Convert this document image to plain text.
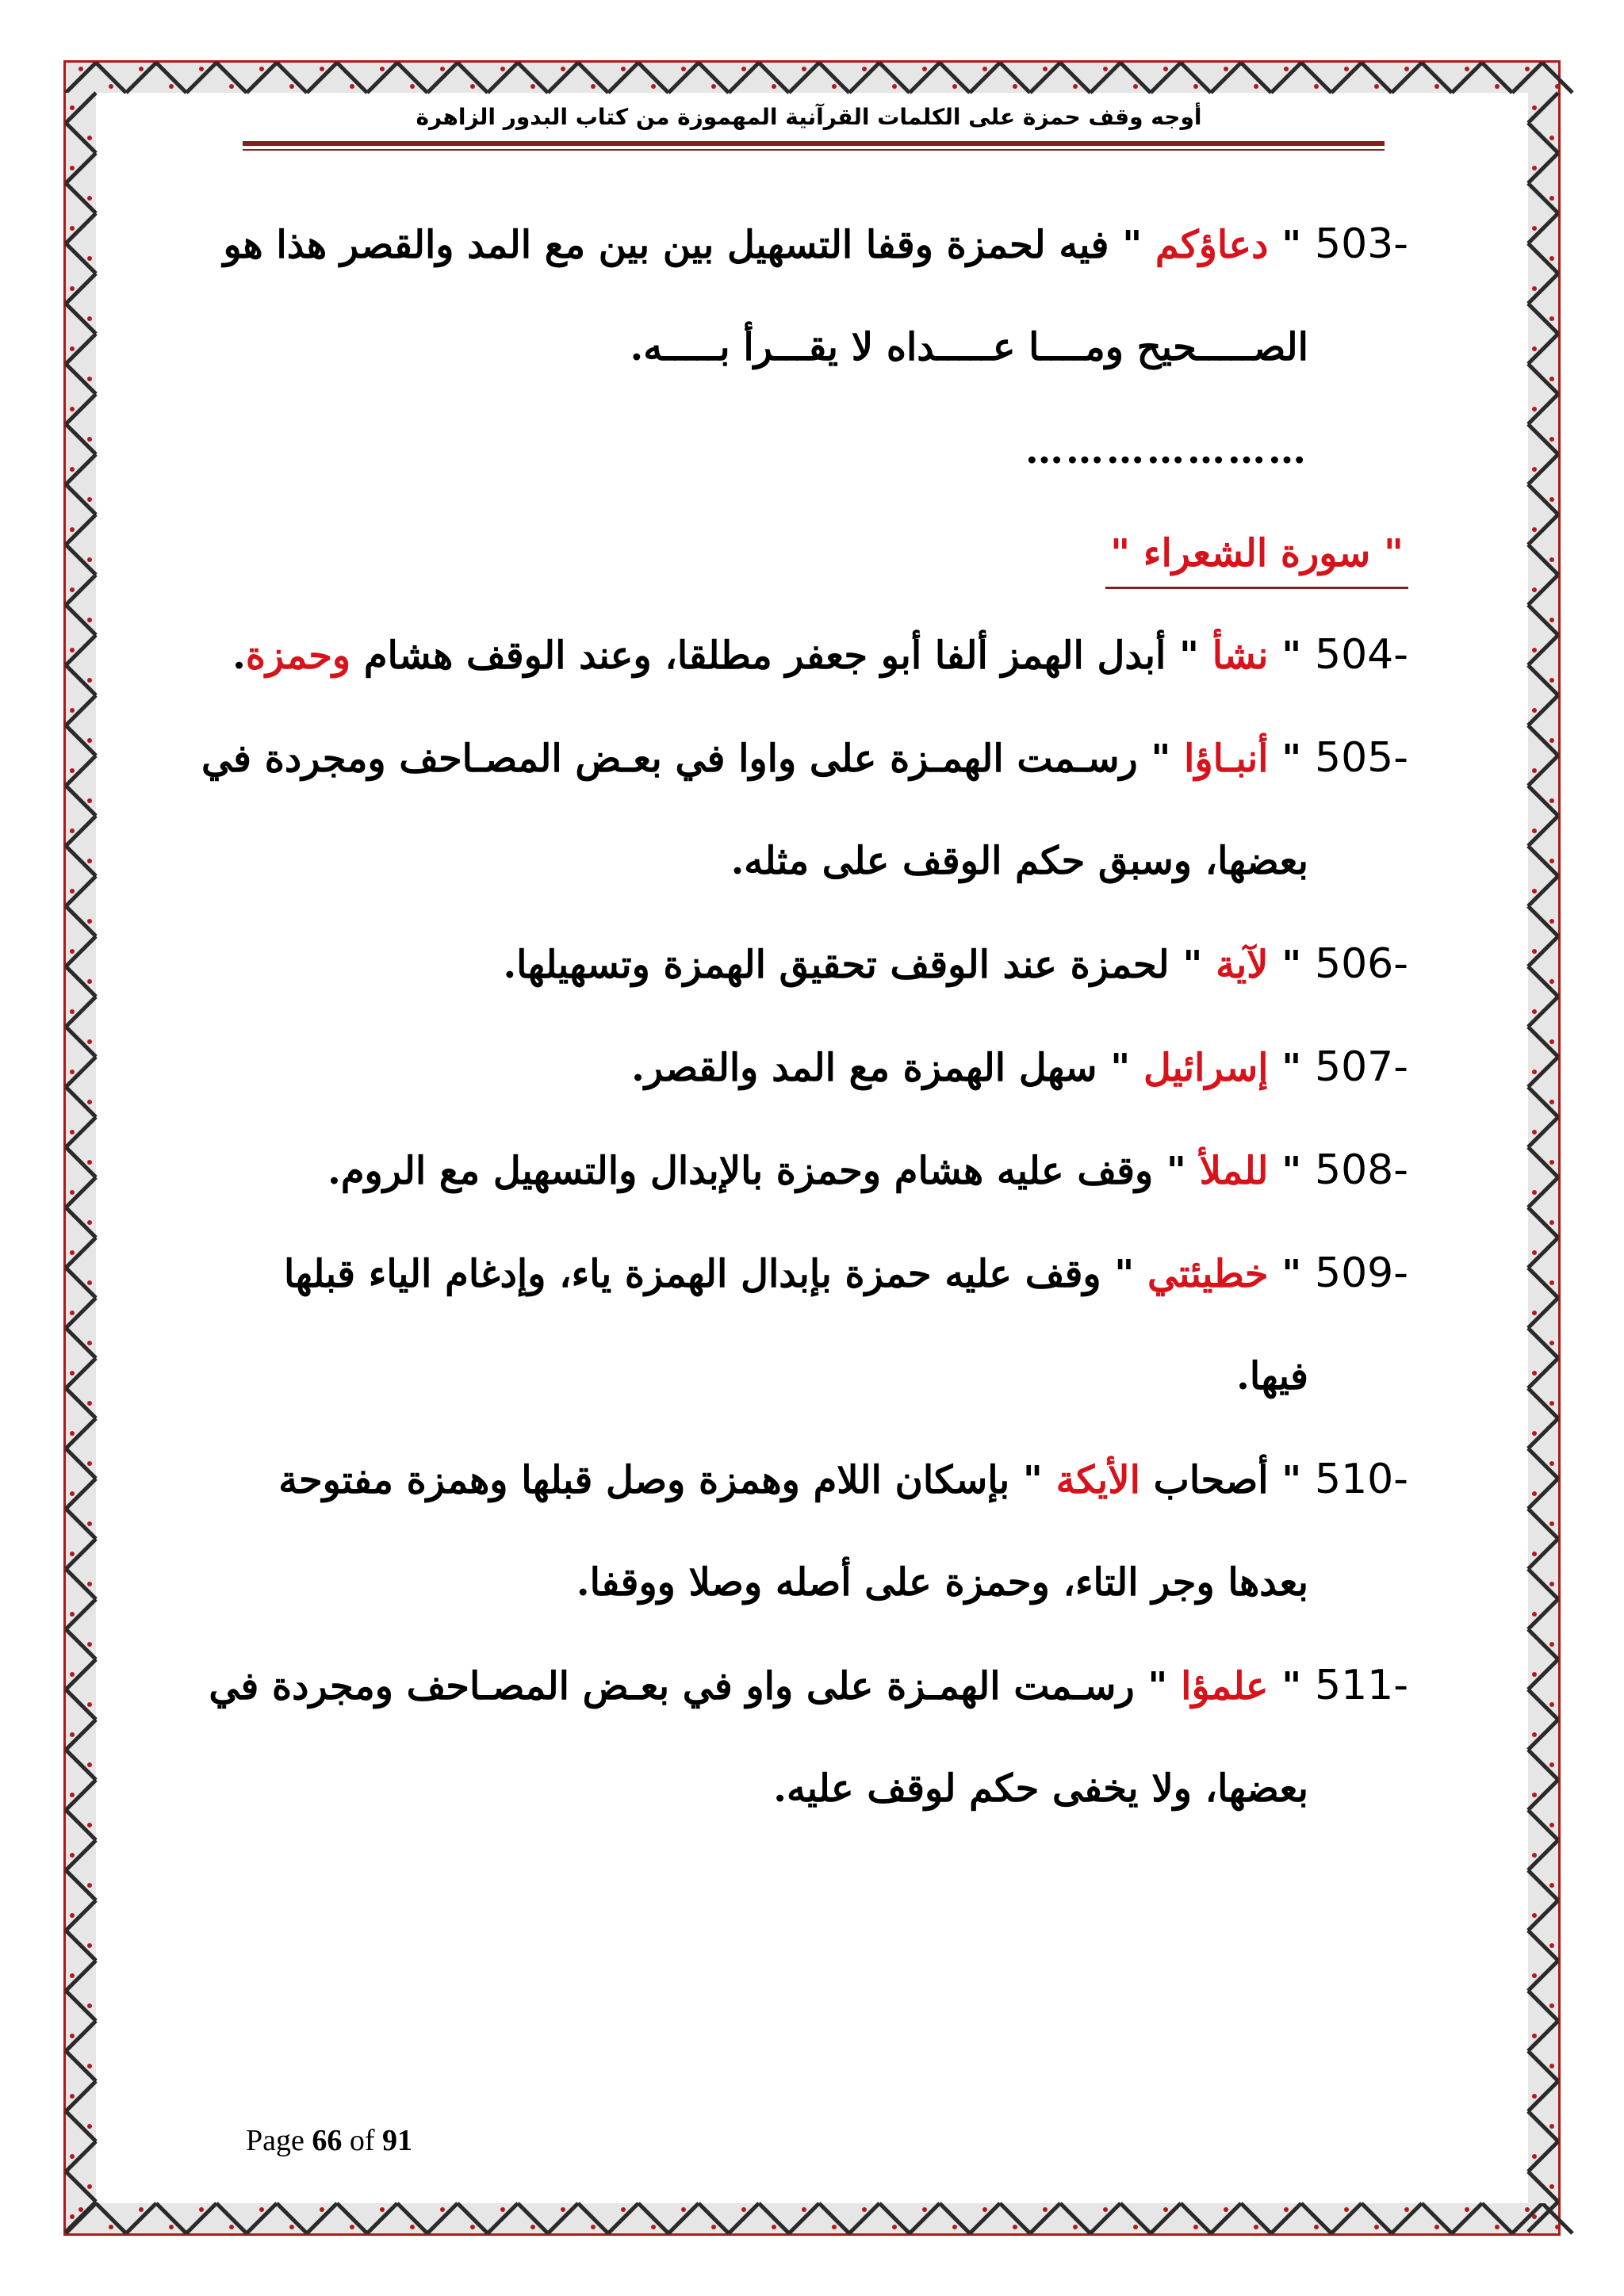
أوجه وقف حمزة على الكلمات القرآنية المهموزة من كتاب البدور الزاهرة
503- " دعاؤكم " فيه لحمزة وقفا التسهيل بين بين مع المد والقصر هذا هو
الصـــــحيح ومــــا عـــــداه لا يقـــرأ بـــــه.
…………………
" سورة الشعراء "
504- " نشأ " أبدل الهمز ألفا أبو جعفر مطلقا، وعند الوقف هشام وحمزة.
505- " أنبـاؤا " رسـمت الهمـزة على واوا في بعـض المصـاحف ومجردة في
بعضها، وسبق حكم الوقف على مثله.
506- " لآية " لحمزة عند الوقف تحقيق الهمزة وتسهيلها.
507- " إسرائيل " سهل الهمزة مع المد والقصر.
508- " للملأ " وقف عليه هشام وحمزة بالإبدال والتسهيل مع الروم.
509- " خطيئتي " وقف عليه حمزة بإبدال الهمزة ياء، وإدغام الياء قبلها
فيها.
510- " أصحاب الأيكة " بإسكان اللام وهمزة وصل قبلها وهمزة مفتوحة
بعدها وجر التاء، وحمزة على أصله وصلا ووقفا.
511- " علمؤا " رسـمت الهمـزة على واو في بعـض المصـاحف ومجردة في
بعضها، ولا يخفى حكم لوقف عليه.
Page 66 of 91
